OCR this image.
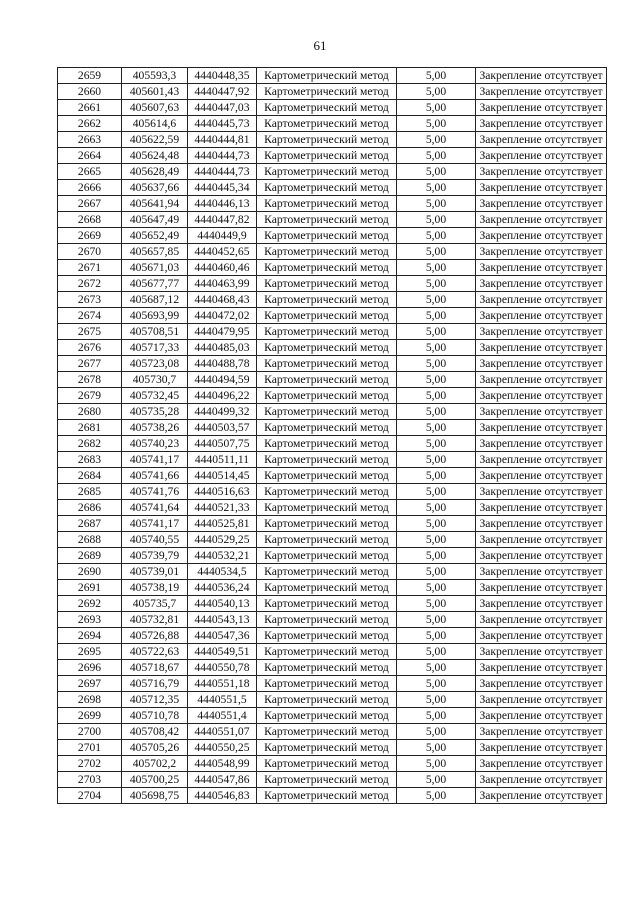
61
2659	405593,3	4440448,35	Картометрический метод	5,00	Закрепление отсутствует
2660	405601,43	4440447,92	Картометрический метод	5,00	Закрепление отсутствует
2661	405607,63	4440447,03	Картометрический метод	5,00	Закрепление отсутствует
2662	405614,6	4440445,73	Картометрический метод	5,00	Закрепление отсутствует
2663	405622,59	4440444,81	Картометрический метод	5,00	Закрепление отсутствует
2664	405624,48	4440444,73	Картометрический метод	5,00	Закрепление отсутствует
2665	405628,49	4440444,73	Картометрический метод	5,00	Закрепление отсутствует
2666	405637,66	4440445,34	Картометрический метод	5,00	Закрепление отсутствует
2667	405641,94	4440446,13	Картометрический метод	5,00	Закрепление отсутствует
2668	405647,49	4440447,82	Картометрический метод	5,00	Закрепление отсутствует
2669	405652,49	4440449,9	Картометрический метод	5,00	Закрепление отсутствует
2670	405657,85	4440452,65	Картометрический метод	5,00	Закрепление отсутствует
2671	405671,03	4440460,46	Картометрический метод	5,00	Закрепление отсутствует
2672	405677,77	4440463,99	Картометрический метод	5,00	Закрепление отсутствует
2673	405687,12	4440468,43	Картометрический метод	5,00	Закрепление отсутствует
2674	405693,99	4440472,02	Картометрический метод	5,00	Закрепление отсутствует
2675	405708,51	4440479,95	Картометрический метод	5,00	Закрепление отсутствует
2676	405717,33	4440485,03	Картометрический метод	5,00	Закрепление отсутствует
2677	405723,08	4440488,78	Картометрический метод	5,00	Закрепление отсутствует
2678	405730,7	4440494,59	Картометрический метод	5,00	Закрепление отсутствует
2679	405732,45	4440496,22	Картометрический метод	5,00	Закрепление отсутствует
2680	405735,28	4440499,32	Картометрический метод	5,00	Закрепление отсутствует
2681	405738,26	4440503,57	Картометрический метод	5,00	Закрепление отсутствует
2682	405740,23	4440507,75	Картометрический метод	5,00	Закрепление отсутствует
2683	405741,17	4440511,11	Картометрический метод	5,00	Закрепление отсутствует
2684	405741,66	4440514,45	Картометрический метод	5,00	Закрепление отсутствует
2685	405741,76	4440516,63	Картометрический метод	5,00	Закрепление отсутствует
2686	405741,64	4440521,33	Картометрический метод	5,00	Закрепление отсутствует
2687	405741,17	4440525,81	Картометрический метод	5,00	Закрепление отсутствует
2688	405740,55	4440529,25	Картометрический метод	5,00	Закрепление отсутствует
2689	405739,79	4440532,21	Картометрический метод	5,00	Закрепление отсутствует
2690	405739,01	4440534,5	Картометрический метод	5,00	Закрепление отсутствует
2691	405738,19	4440536,24	Картометрический метод	5,00	Закрепление отсутствует
2692	405735,7	4440540,13	Картометрический метод	5,00	Закрепление отсутствует
2693	405732,81	4440543,13	Картометрический метод	5,00	Закрепление отсутствует
2694	405726,88	4440547,36	Картометрический метод	5,00	Закрепление отсутствует
2695	405722,63	4440549,51	Картометрический метод	5,00	Закрепление отсутствует
2696	405718,67	4440550,78	Картометрический метод	5,00	Закрепление отсутствует
2697	405716,79	4440551,18	Картометрический метод	5,00	Закрепление отсутствует
2698	405712,35	4440551,5	Картометрический метод	5,00	Закрепление отсутствует
2699	405710,78	4440551,4	Картометрический метод	5,00	Закрепление отсутствует
2700	405708,42	4440551,07	Картометрический метод	5,00	Закрепление отсутствует
2701	405705,26	4440550,25	Картометрический метод	5,00	Закрепление отсутствует
2702	405702,2	4440548,99	Картометрический метод	5,00	Закрепление отсутствует
2703	405700,25	4440547,86	Картометрический метод	5,00	Закрепление отсутствует
2704	405698,75	4440546,83	Картометрический метод	5,00	Закрепление отсутствует
